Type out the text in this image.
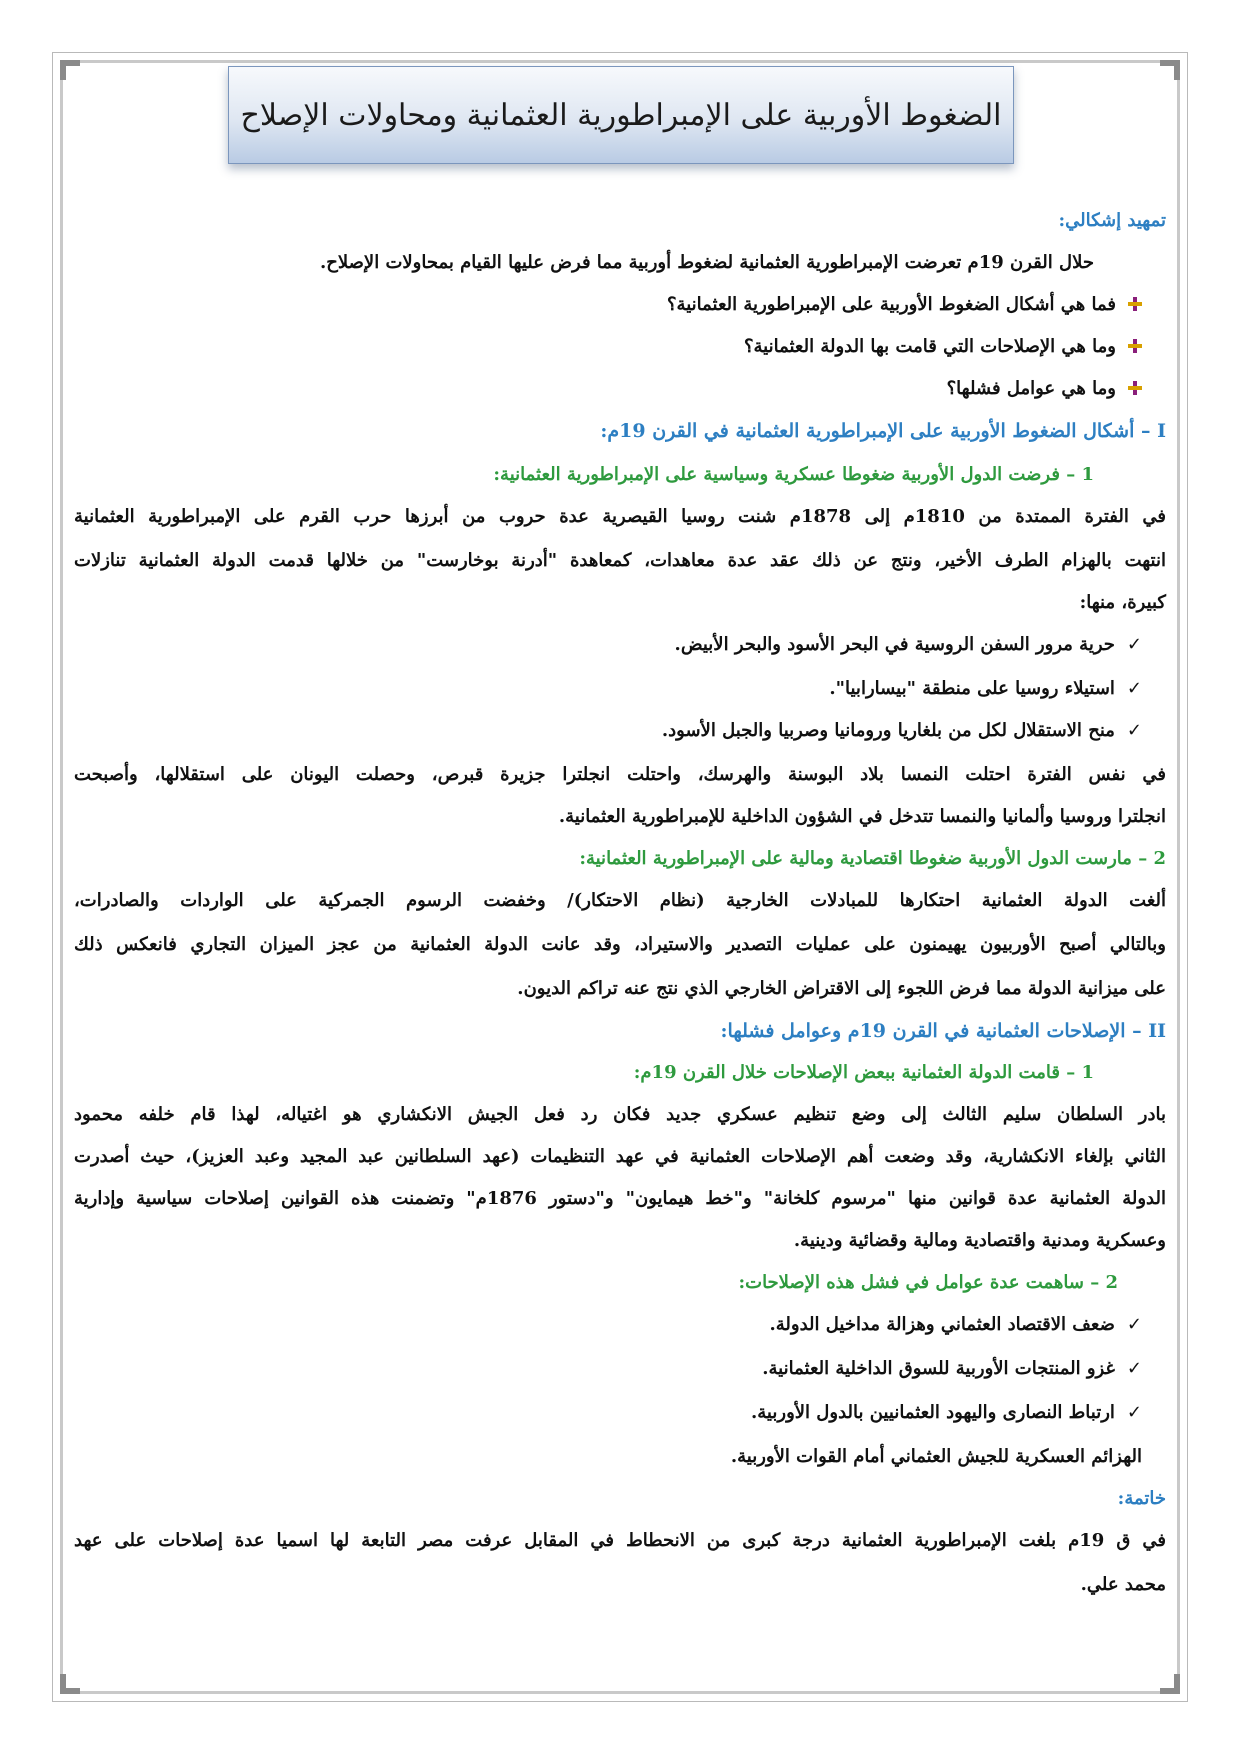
الضغوط الأوربية على الإمبراطورية العثمانية ومحاولات الإصلاح
تمهيد إشكالي:
حلال القرن 19م تعرضت الإمبراطورية العثمانية لضغوط أوربية مما فرض عليها القيام بمحاولات الإصلاح.
فما هي أشكال الضغوط الأوربية على الإمبراطورية العثمانية؟
وما هي الإصلاحات التي قامت بها الدولة العثمانية؟
وما هي عوامل فشلها؟
I – أشكال الضغوط الأوربية على الإمبراطورية العثمانية في القرن 19م:
1 – فرضت الدول الأوربية ضغوطا عسكرية وسياسية على الإمبراطورية العثمانية:
في الفترة الممتدة من 1810م إلى 1878م شنت روسيا القيصرية عدة حروب من أبرزها حرب القرم على الإمبراطورية العثمانية
انتهت بالهزام الطرف الأخير، ونتج عن ذلك عقد عدة معاهدات، كمعاهدة "أدرنة بوخارست" من خلالها قدمت الدولة العثمانية تنازلات
كبيرة، منها:
✓حرية مرور السفن الروسية في البحر الأسود والبحر الأبيض.
✓استيلاء روسيا على منطقة "بيسارابيا".
✓منح الاستقلال لكل من بلغاريا ورومانيا وصربيا والجبل الأسود.
في نفس الفترة احتلت النمسا بلاد البوسنة والهرسك، واحتلت انجلترا جزيرة قبرص، وحصلت اليونان على استقلالها، وأصبحت
انجلترا وروسيا وألمانيا والنمسا تتدخل في الشؤون الداخلية للإمبراطورية العثمانية.
2 – مارست الدول الأوربية ضغوطا اقتصادية ومالية على الإمبراطورية العثمانية:
ألغت الدولة العثمانية احتكارها للمبادلات الخارجية (نظام الاحتكار)/ وخفضت الرسوم الجمركية على الواردات والصادرات،
وبالتالي أصبح الأوربيون يهيمنون على عمليات التصدير والاستيراد، وقد عانت الدولة العثمانية من عجز الميزان التجاري فانعكس ذلك
على ميزانية الدولة مما فرض اللجوء إلى الاقتراض الخارجي الذي نتج عنه تراكم الديون.
II – الإصلاحات العثمانية في القرن 19م وعوامل فشلها:
1 – قامت الدولة العثمانية ببعض الإصلاحات خلال القرن 19م:
بادر السلطان سليم الثالث إلى وضع تنظيم عسكري جديد فكان رد فعل الجيش الانكشاري هو اغتياله، لهذا قام خلفه محمود
الثاني بإلغاء الانكشارية، وقد وضعت أهم الإصلاحات العثمانية في عهد التنظيمات (عهد السلطانين عبد المجيد وعبد العزيز)، حيث أصدرت
الدولة العثمانية عدة قوانين منها "مرسوم كلخانة" و"خط هيمايون" و"دستور 1876م" وتضمنت هذه القوانين إصلاحات سياسية وإدارية
وعسكرية ومدنية واقتصادية ومالية وقضائية ودينية.
2 – ساهمت عدة عوامل في فشل هذه الإصلاحات:
✓ضعف الاقتصاد العثماني وهزالة مداخيل الدولة.
✓غزو المنتجات الأوربية للسوق الداخلية العثمانية.
✓ارتباط النصارى واليهود العثمانيين بالدول الأوربية.
الهزائم العسكرية للجيش العثماني أمام القوات الأوربية.
خاتمة:
في ق 19م بلغت الإمبراطورية العثمانية درجة كبرى من الانحطاط في المقابل عرفت مصر التابعة لها اسميا عدة إصلاحات على عهد
محمد علي.
